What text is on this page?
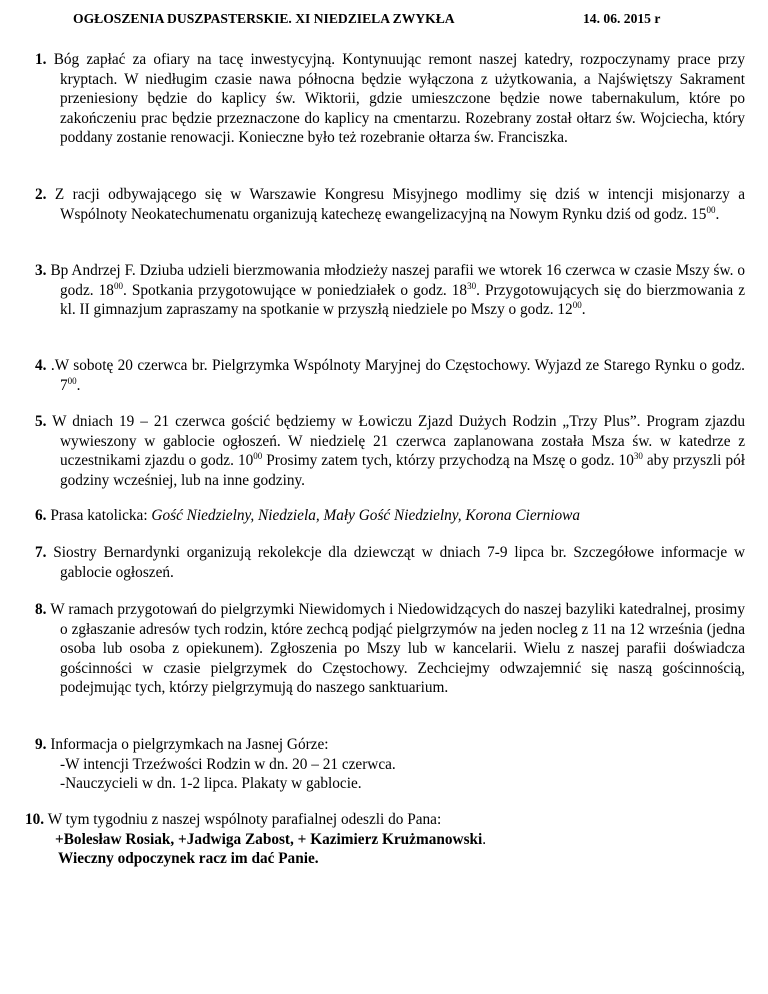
OGŁOSZENIA DUSZPASTERSKIE. XI NIEDZIELA ZWYKŁA	14. 06. 2015 r
1. Bóg zapłać za ofiary na tacę inwestycyjną. Kontynuując remont naszej katedry, rozpoczynamy prace przy kryptach. W niedługim czasie nawa północna będzie wyłączona z użytkowania, a Najświętszy Sakrament przeniesiony będzie do kaplicy św. Wiktorii, gdzie umieszczone będzie nowe tabernakulum, które po zakończeniu prac będzie przeznaczone do kaplicy na cmentarzu. Rozebrany został ołtarz św. Wojciecha, który poddany zostanie renowacji. Konieczne było też rozebranie ołtarza św. Franciszka.
2. Z racji odbywającego się w Warszawie Kongresu Misyjnego modlimy się dziś w intencji misjonarzy a Wspólnoty Neokatechumenatu organizują katechezę ewangelizacyjną na Nowym Rynku dziś od godz. $15^{00}$.
3. Bp Andrzej F. Dziuba udzieli bierzmowania młodzieży naszej parafii we wtorek 16 czerwca w czasie Mszy św. o godz. $18^{00}$. Spotkania przygotowujące w poniedziałek o godz. $18^{30}$. Przygotowujących się do bierzmowania z kl. II gimnazjum zapraszamy na spotkanie w przyszłą niedziele po Mszy o godz. $12^{00}$.
4. .W sobotę 20 czerwca br. Pielgrzymka Wspólnoty Maryjnej do Częstochowy. Wyjazd ze Starego Rynku o godz. $7^{00}$.
5. W dniach 19 – 21 czerwca gościć będziemy w Łowiczu Zjazd Dużych Rodzin „Trzy Plus”. Program zjazdu wywieszony w gablocie ogłoszeń. W niedzielę 21 czerwca zaplanowana została Msza św. w katedrze z uczestnikami zjazdu o godz. $10^{00}$ Prosimy zatem tych, którzy przychodzą na Mszę o godz. $10^{30}$ aby przyszli pół godziny wcześniej, lub na inne godziny.
6. Prasa katolicka: Gość Niedzielny, Niedziela, Mały Gość Niedzielny, Korona Cierniowa
7. Siostry Bernardynki organizują rekolekcje dla dziewcząt w dniach 7-9 lipca br. Szczegółowe informacje w gablocie ogłoszeń.
8. W ramach przygotowań do pielgrzymki Niewidomych i Niedowidzących do naszej bazyliki katedralnej, prosimy o zgłaszanie adresów tych rodzin, które zechcą podjąć pielgrzymów na jeden nocleg z 11 na 12 września (jedna osoba lub osoba z opiekunem). Zgłoszenia po Mszy lub w kancelarii. Wielu z naszej parafii doświadcza gościnności w czasie pielgrzymek do Częstochowy. Zechciejmy odwzajemnić się naszą gościnnością, podejmując tych, którzy pielgrzymują do naszego sanktuarium.
9. Informacja o pielgrzymkach na Jasnej Górze:
-W intencji Trzeźwości Rodzin w dn. 20 – 21 czerwca.
-Nauczycieli w dn. 1-2 lipca. Plakaty w gablocie.
10. W tym tygodniu z naszej wspólnoty parafialnej odeszli do Pana:
+Bolesław Rosiak, +Jadwiga Zabost, + Kazimierz Krużmanowski.
Wieczny odpoczynek racz im dać Panie.
